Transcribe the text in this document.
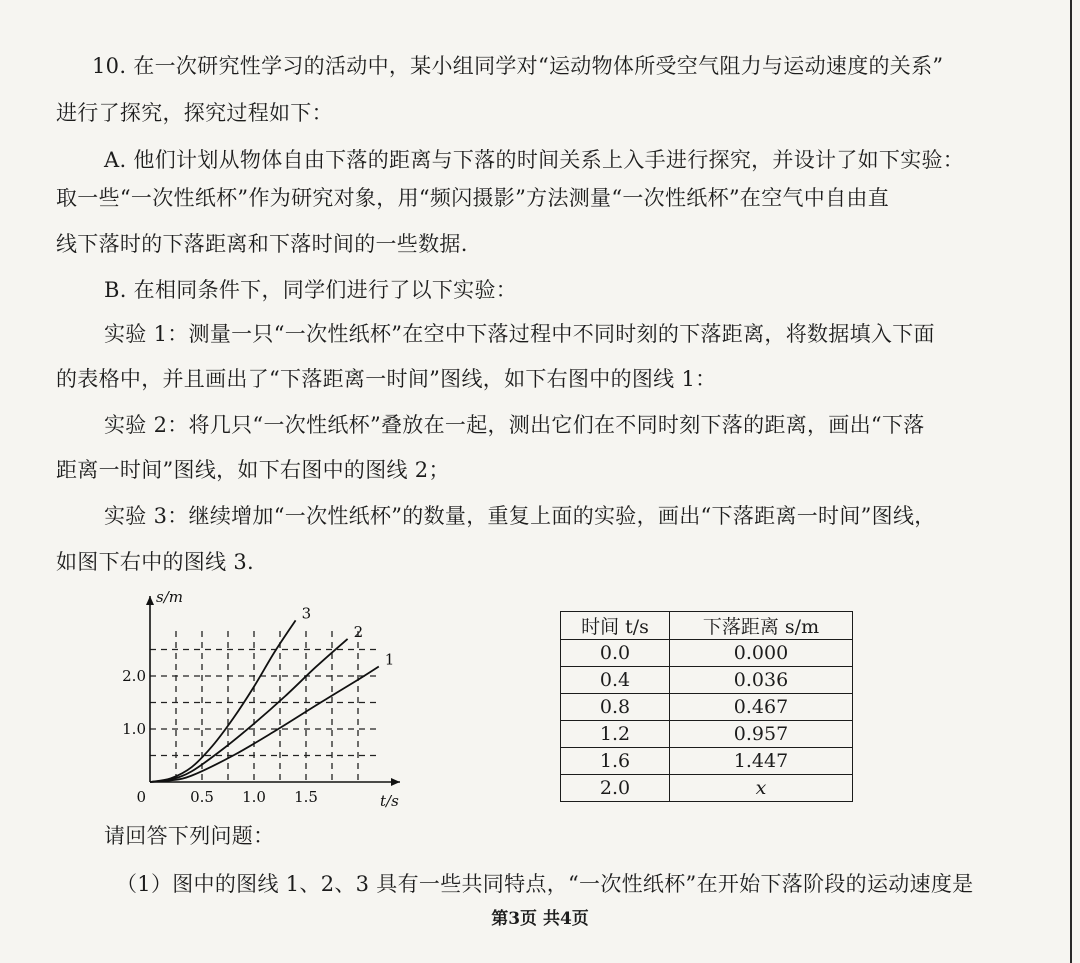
10. 在一次研究性学习的活动中，某小组同学对“运动物体所受空气阻力与运动速度的关系”
进行了探究，探究过程如下：
A. 他们计划从物体自由下落的距离与下落的时间关系上入手进行探究，并设计了如下实验：
取一些“一次性纸杯”作为研究对象，用“频闪摄影”方法测量“一次性纸杯”在空气中自由直
线下落时的下落距离和下落时间的一些数据.
B. 在相同条件下，同学们进行了以下实验：
实验 1：测量一只“一次性纸杯”在空中下落过程中不同时刻的下落距离，将数据填入下面
的表格中，并且画出了“下落距离一时间”图线，如下右图中的图线 1：
实验 2：将几只“一次性纸杯”叠放在一起，测出它们在不同时刻下落的距离，画出“下落
距离一时间”图线，如下右图中的图线 2；
实验 3：继续增加“一次性纸杯”的数量，重复上面的实验，画出“下落距离一时间”图线，
如图下右中的图线 3.
0.5 1.0 1.5
1.0
2.0
0
s/m
t/s
1
2
3
时间 t/s	下落距离 s/m
0.0	0.000
0.4	0.036
0.8	0.467
1.2	0.957
1.6	1.447
2.0	x
请回答下列问题：
（1）图中的图线 1、2、3 具有一些共同特点，“一次性纸杯”在开始下落阶段的运动速度是
第3页 共4页
